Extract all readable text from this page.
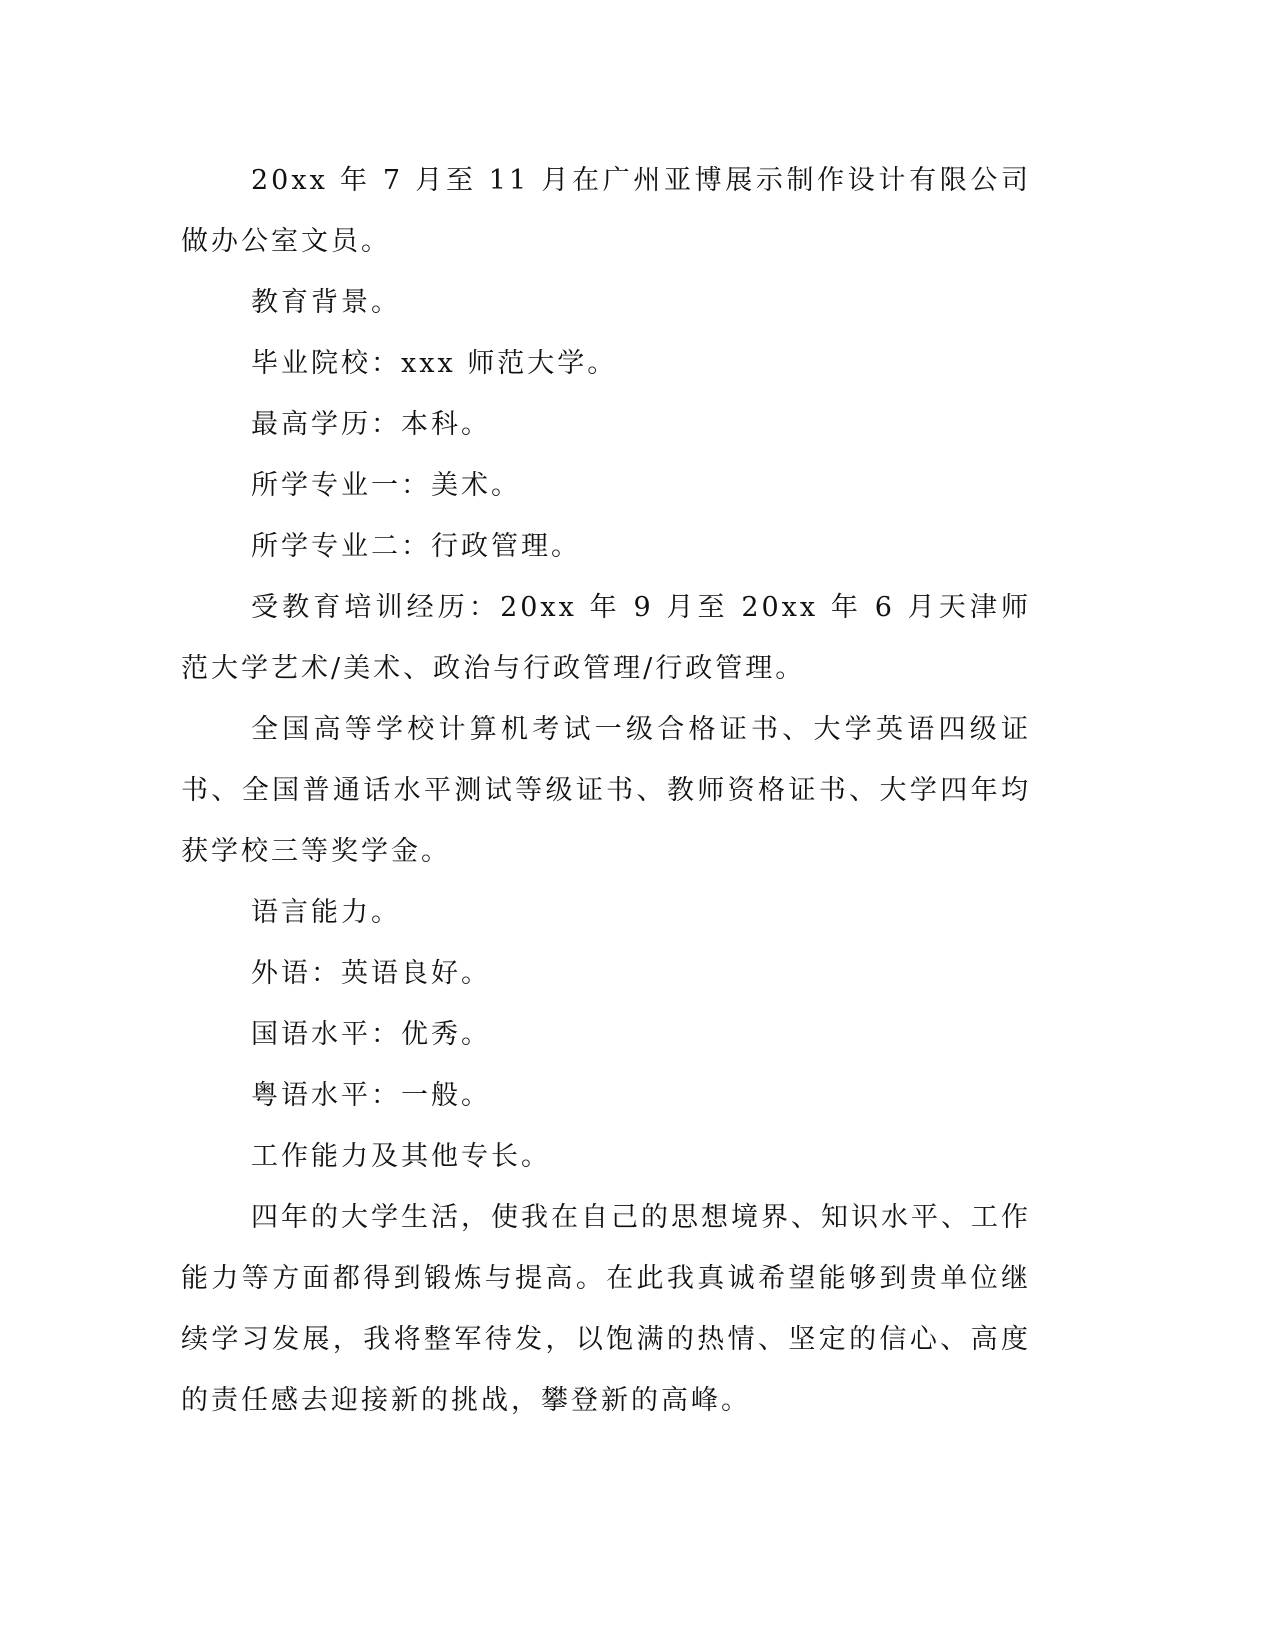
20xx 年 7 月至 11 月在广州亚博展示制作设计有限公司做办公室文员。

教育背景。

毕业院校：xxx 师范大学。

最高学历：本科。

所学专业一：美术。

所学专业二：行政管理。

受教育培训经历：20xx 年 9 月至 20xx 年 6 月天津师范大学艺术/美术、政治与行政管理/行政管理。

全国高等学校计算机考试一级合格证书、大学英语四级证书、全国普通话水平测试等级证书、教师资格证书、大学四年均获学校三等奖学金。

语言能力。

外语：英语良好。

国语水平：优秀。

粤语水平：一般。

工作能力及其他专长。

四年的大学生活，使我在自己的思想境界、知识水平、工作能力等方面都得到锻炼与提高。在此我真诚希望能够到贵单位继续学习发展，我将整军待发，以饱满的热情、坚定的信心、高度的责任感去迎接新的挑战，攀登新的高峰。
